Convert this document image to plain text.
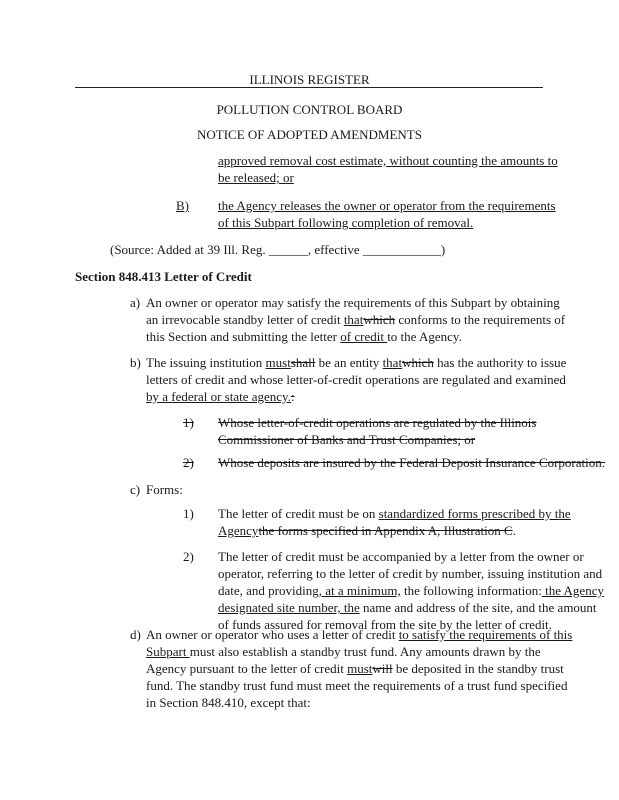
ILLINOIS REGISTER
POLLUTION CONTROL BOARD
NOTICE OF ADOPTED AMENDMENTS
approved removal cost estimate, without counting the amounts to
be released; or
B) the Agency releases the owner or operator from the requirements
of this Subpart following completion of removal.
(Source: Added at 39 Ill. Reg. ______, effective ____________)
Section 848.413 Letter of Credit
a) An owner or operator may satisfy the requirements of this Subpart by obtaining
an irrevocable standby letter of credit thatwhich conforms to the requirements of
this Section and submitting the letter of credit to the Agency.
b) The issuing institution mustshall be an entity thatwhich has the authority to issue
letters of credit and whose letter-of-credit operations are regulated and examined
by a federal or state agency.:
1) Whose letter-of-credit operations are regulated by the Illinois
Commissioner of Banks and Trust Companies; or
2) Whose deposits are insured by the Federal Deposit Insurance Corporation.
c) Forms:
1) The letter of credit must be on standardized forms prescribed by the
Agencythe forms specified in Appendix A, Illustration C.
2) The letter of credit must be accompanied by a letter from the owner or
operator, referring to the letter of credit by number, issuing institution and
date, and providing, at a minimum, the following information: the Agency
designated site number, the name and address of the site, and the amount
of funds assured for removal from the site by the letter of credit.
d) An owner or operator who uses a letter of credit to satisfy the requirements of this
Subpart must also establish a standby trust fund. Any amounts drawn by the
Agency pursuant to the letter of credit mustwill be deposited in the standby trust
fund. The standby trust fund must meet the requirements of a trust fund specified
in Section 848.410, except that:
